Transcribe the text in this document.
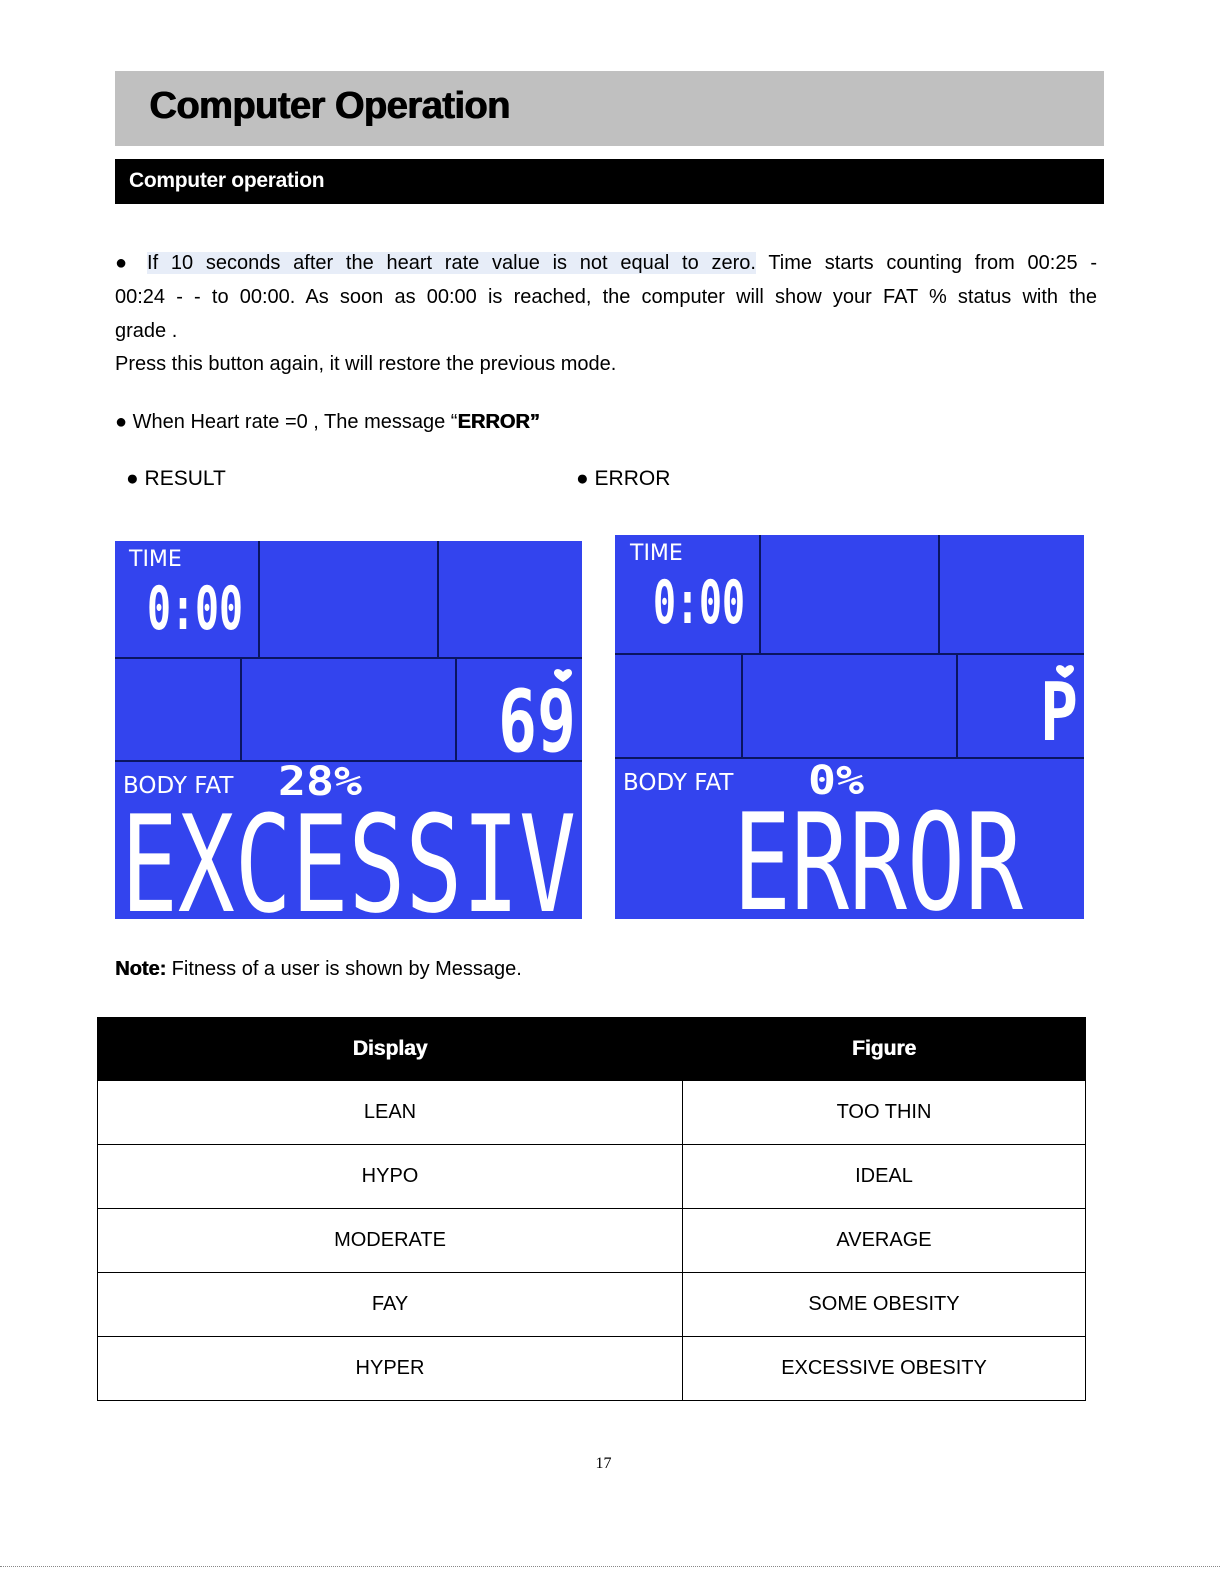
Computer Operation
Computer operation
● If 10 seconds after the heart rate value is not equal to zero. Time starts counting from 00:25 -
00:24 - - to 00:00. As soon as 00:00 is reached, the computer will show your FAT % status with the
grade .
Press this button again, it will restore the previous mode.
● When Heart rate =0 , The message “ERROR”
● RESULT	● ERROR
TIME
0:00
69
BODY FAT 28%
EXCESSIV
TIME
0:00
P
BODY FAT 0%
ERROR
Note: Fitness of a user is shown by Message.
Display	Figure
LEAN	TOO THIN
HYPO	IDEAL
MODERATE	AVERAGE
FAY	SOME OBESITY
HYPER	EXCESSIVE OBESITY
17
